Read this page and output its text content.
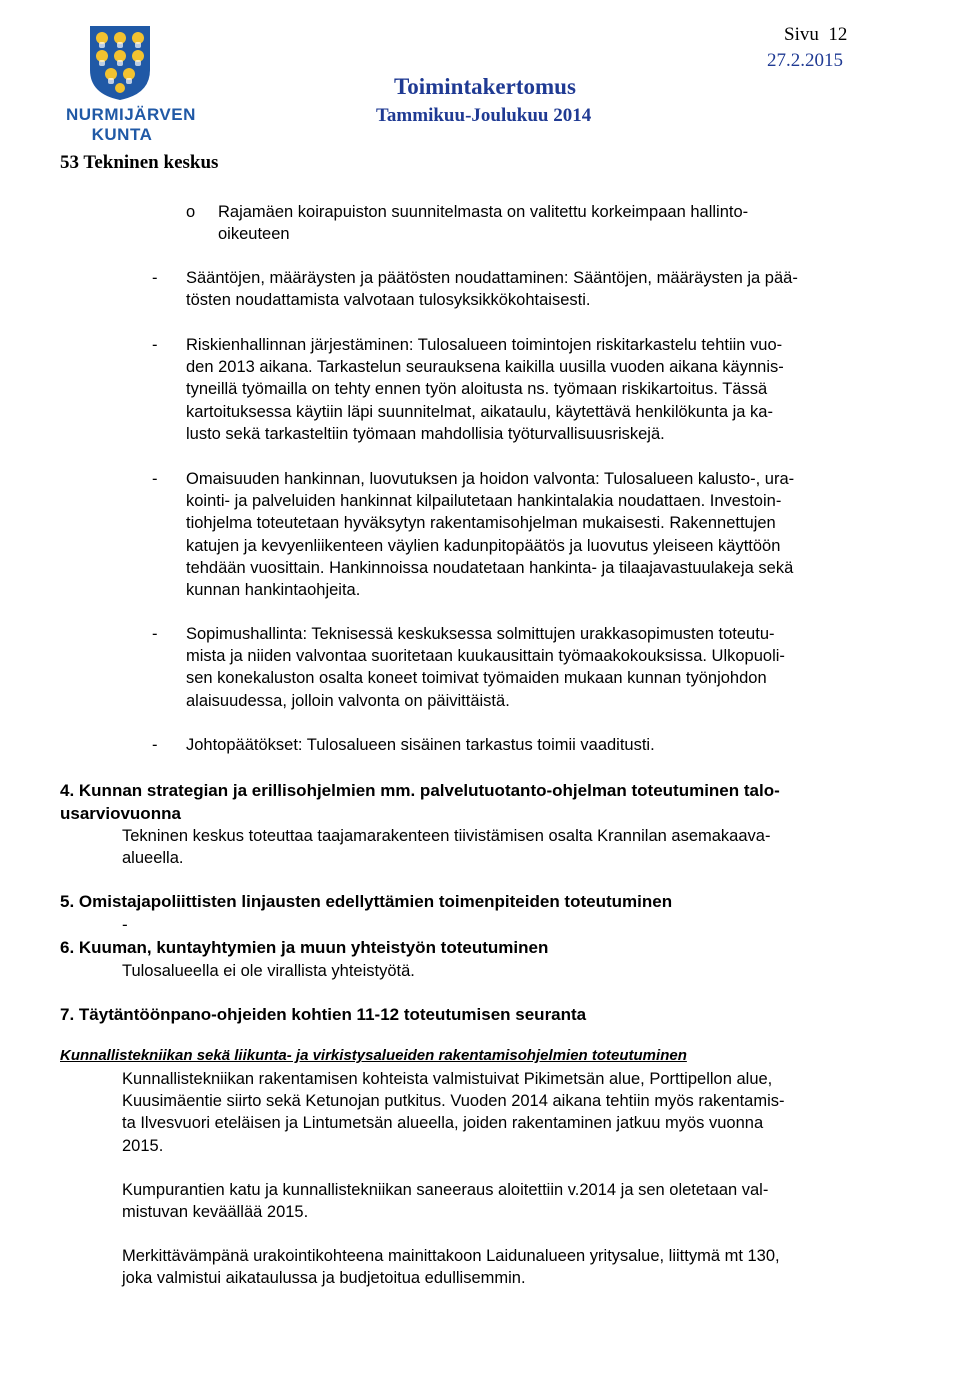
NURMIJÄRVEN
KUNTA
53 Tekninen keskus
Sivu 12
27.2.2015
Toimintakertomus
Tammikuu-Joulukuu 2014
o Rajamäen koirapuiston suunnitelmasta on valitettu korkeimpaan hallinto-

oikeuteen

- Sääntöjen, määräysten ja päätösten noudattaminen: Sääntöjen, määräysten ja pää-

tösten noudattamista valvotaan tulosyksikkökohtaisesti.

- Riskienhallinnan järjestäminen: Tulosalueen toimintojen riskitarkastelu tehtiin vuo-

den 2013 aikana. Tarkastelun seurauksena kaikilla uusilla vuoden aikana käynnis-

tyneillä työmailla on tehty ennen työn aloitusta ns. työmaan riskikartoitus. Tässä

kartoituksessa käytiin läpi suunnitelmat, aikataulu, käytettävä henkilökunta ja ka-

lusto sekä tarkasteltiin työmaan mahdollisia työturvallisuusriskejä.

- Omaisuuden hankinnan, luovutuksen ja hoidon valvonta: Tulosalueen kalusto-, ura-

kointi- ja palveluiden hankinnat kilpailutetaan hankintalakia noudattaen. Investoin-

tiohjelma toteutetaan hyväksytyn rakentamisohjelman mukaisesti. Rakennettujen

katujen ja kevyenliikenteen väylien kadunpitopäätös ja luovutus yleiseen käyttöön

tehdään vuosittain. Hankinnoissa noudatetaan hankinta- ja tilaajavastuulakeja sekä

kunnan hankintaohjeita.

- Sopimushallinta: Teknisessä keskuksessa solmittujen urakkasopimusten toteutu-

mista ja niiden valvontaa suoritetaan kuukausittain työmaakokouksissa. Ulkopuoli-

sen konekaluston osalta koneet toimivat työmaiden mukaan kunnan työnjohdon

alaisuudessa, jolloin valvonta on päivittäistä.

- Johtopäätökset: Tulosalueen sisäinen tarkastus toimii vaaditusti.

4. Kunnan strategian ja erillisohjelmien mm. palvelutuotanto-ohjelman toteutuminen talo-

usarviovuonna

Tekninen keskus toteuttaa taajamarakenteen tiivistämisen osalta Krannilan asemakaava-

alueella.

5. Omistajapoliittisten linjausten edellyttämien toimenpiteiden toteutuminen

-

6. Kuuman, kuntayhtymien ja muun yhteistyön toteutuminen

Tulosalueella ei ole virallista yhteistyötä.

7. Täytäntöönpano-ohjeiden kohtien 11-12 toteutumisen seuranta

Kunnallistekniikan sekä liikunta- ja virkistysalueiden rakentamisohjelmien toteutuminen

Kunnallistekniikan rakentamisen kohteista valmistuivat Pikimetsän alue, Porttipellon alue,

Kuusimäentie siirto sekä Ketunojan putkitus. Vuoden 2014 aikana tehtiin myös rakentamis-

ta Ilvesvuori eteläisen ja Lintumetsän alueella, joiden rakentaminen jatkuu myös vuonna

2015.

Kumpurantien katu ja kunnallistekniikan saneeraus aloitettiin v.2014 ja sen oletetaan val-

mistuvan keväällää 2015.

Merkittävämpänä urakointikohteena mainittakoon Laidunalueen yritysalue, liittymä mt 130,

joka valmistui aikataulussa ja budjetoitua edullisemmin.
